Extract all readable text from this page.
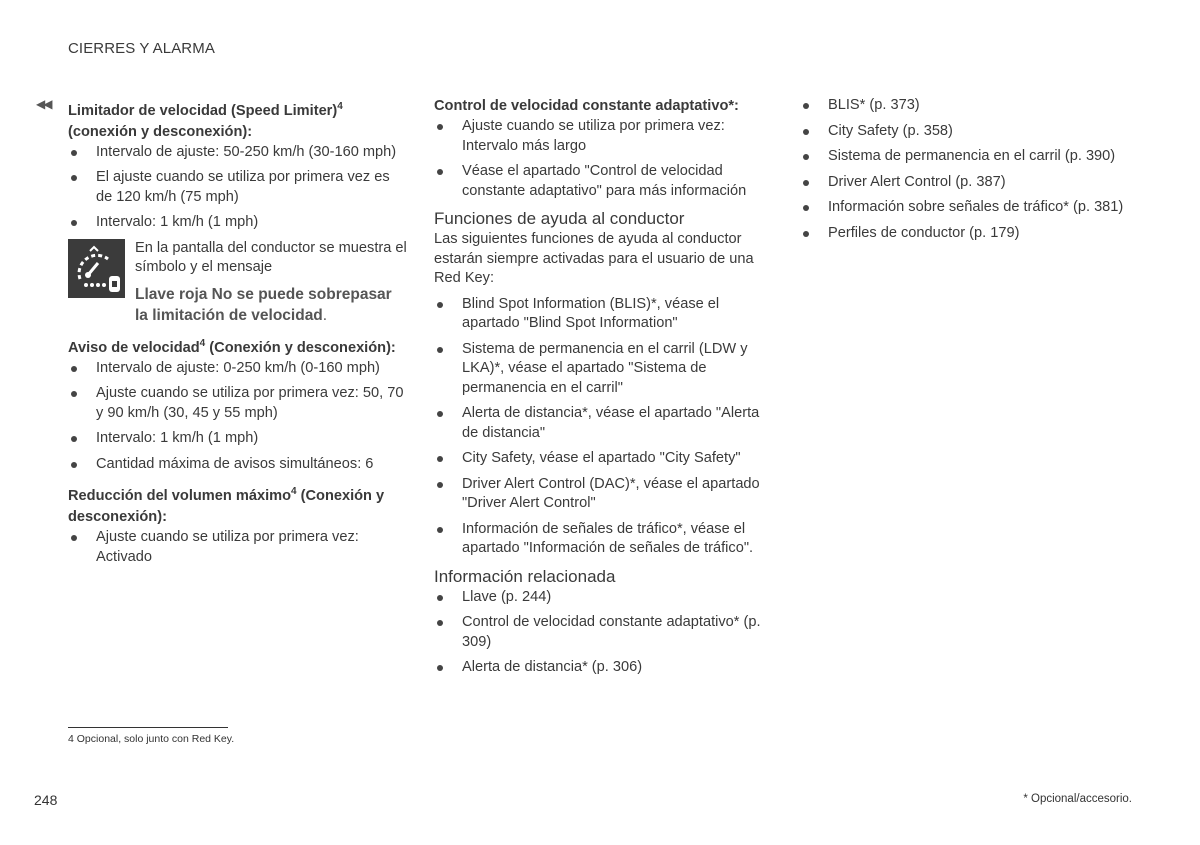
CIERRES Y ALARMA
◀◀ Limitador de velocidad (Speed Limiter)$^4$
(conexión y desconexión):
Intervalo de ajuste: 50-250 km/h (30-160 mph)
El ajuste cuando se utiliza por primera vez es de 120 km/h (75 mph)
Intervalo: 1 km/h (1 mph)
En la pantalla del conductor se muestra el símbolo y el mensaje
Llave roja No se puede sobrepasar la limitación de velocidad.
Aviso de velocidad$^4$ (Conexión y desconexión):
Intervalo de ajuste: 0-250 km/h (0-160 mph)
Ajuste cuando se utiliza por primera vez: 50, 70 y 90 km/h (30, 45 y 55 mph)
Intervalo: 1 km/h (1 mph)
Cantidad máxima de avisos simultáneos: 6
Reducción del volumen máximo$^4$ (Conexión y desconexión):
Ajuste cuando se utiliza por primera vez: Activado
Control de velocidad constante adaptativo*:
Ajuste cuando se utiliza por primera vez: Intervalo más largo
Véase el apartado "Control de velocidad constante adaptativo" para más información
Funciones de ayuda al conductor

Las siguientes funciones de ayuda al conductor estarán siempre activadas para el usuario de una Red Key:

Blind Spot Information (BLIS)*, véase el apartado "Blind Spot Information"
Sistema de permanencia en el carril (LDW y LKA)*, véase el apartado "Sistema de permanencia en el carril"
Alerta de distancia*, véase el apartado "Alerta de distancia"
City Safety, véase el apartado "City Safety"
Driver Alert Control (DAC)*, véase el apartado "Driver Alert Control"
Información de señales de tráfico*, véase el apartado "Información de señales de tráfico".
Información relacionada
Llave (p. 244)
Control de velocidad constante adaptativo* (p. 309)
Alerta de distancia* (p. 306)
BLIS* (p. 373)
City Safety (p. 358)
Sistema de permanencia en el carril (p. 390)
Driver Alert Control (p. 387)
Información sobre señales de tráfico* (p. 381)
Perfiles de conductor (p. 179)
4 Opcional, solo junto con Red Key.
248	* Opcional/accesorio.
